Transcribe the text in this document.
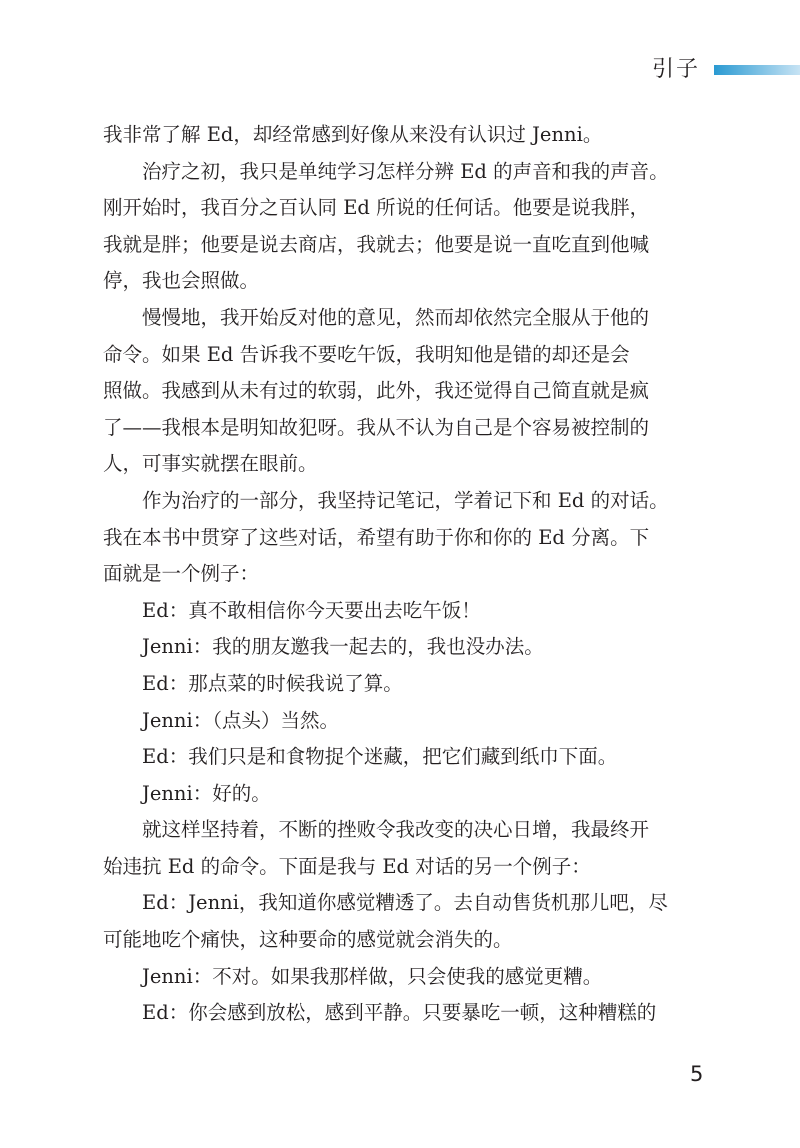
引子

我非常了解 Ed，却经常感到好像从来没有认识过 Jenni。

治疗之初，我只是单纯学习怎样分辨 Ed 的声音和我的声音。

刚开始时，我百分之百认同 Ed 所说的任何话。他要是说我胖，

我就是胖；他要是说去商店，我就去；他要是说一直吃直到他喊

停，我也会照做。

慢慢地，我开始反对他的意见，然而却依然完全服从于他的

命令。如果 Ed 告诉我不要吃午饭，我明知他是错的却还是会

照做。我感到从未有过的软弱，此外，我还觉得自己简直就是疯

了——我根本是明知故犯呀。我从不认为自己是个容易被控制的

人，可事实就摆在眼前。

作为治疗的一部分，我坚持记笔记，学着记下和 Ed 的对话。

我在本书中贯穿了这些对话，希望有助于你和你的 Ed 分离。下

面就是一个例子：

Ed：真不敢相信你今天要出去吃午饭！

Jenni：我的朋友邀我一起去的，我也没办法。

Ed：那点菜的时候我说了算。

Jenni：（点头）当然。

Ed：我们只是和食物捉个迷藏，把它们藏到纸巾下面。

Jenni：好的。

就这样坚持着，不断的挫败令我改变的决心日增，我最终开

始违抗 Ed 的命令。下面是我与 Ed 对话的另一个例子：

Ed：Jenni，我知道你感觉糟透了。去自动售货机那儿吧，尽

可能地吃个痛快，这种要命的感觉就会消失的。

Jenni：不对。如果我那样做，只会使我的感觉更糟。

Ed：你会感到放松，感到平静。只要暴吃一顿，这种糟糕的

5
